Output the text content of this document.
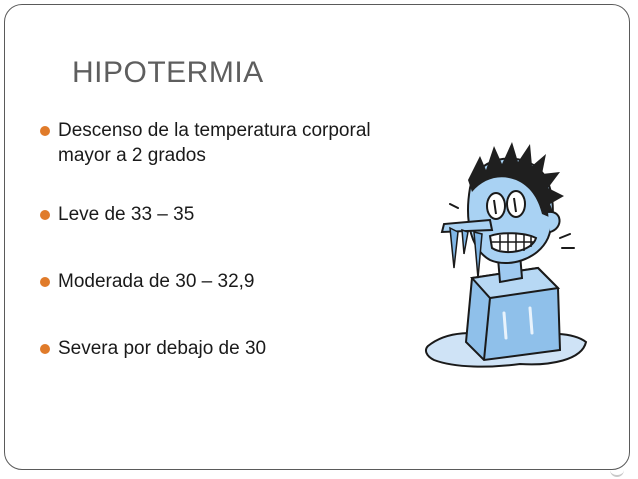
HIPOTERMIA
Descenso de la temperatura corporal mayor a 2 grados
Leve de 33 – 35
Moderada de 30 – 32,9
Severa por debajo de 30
